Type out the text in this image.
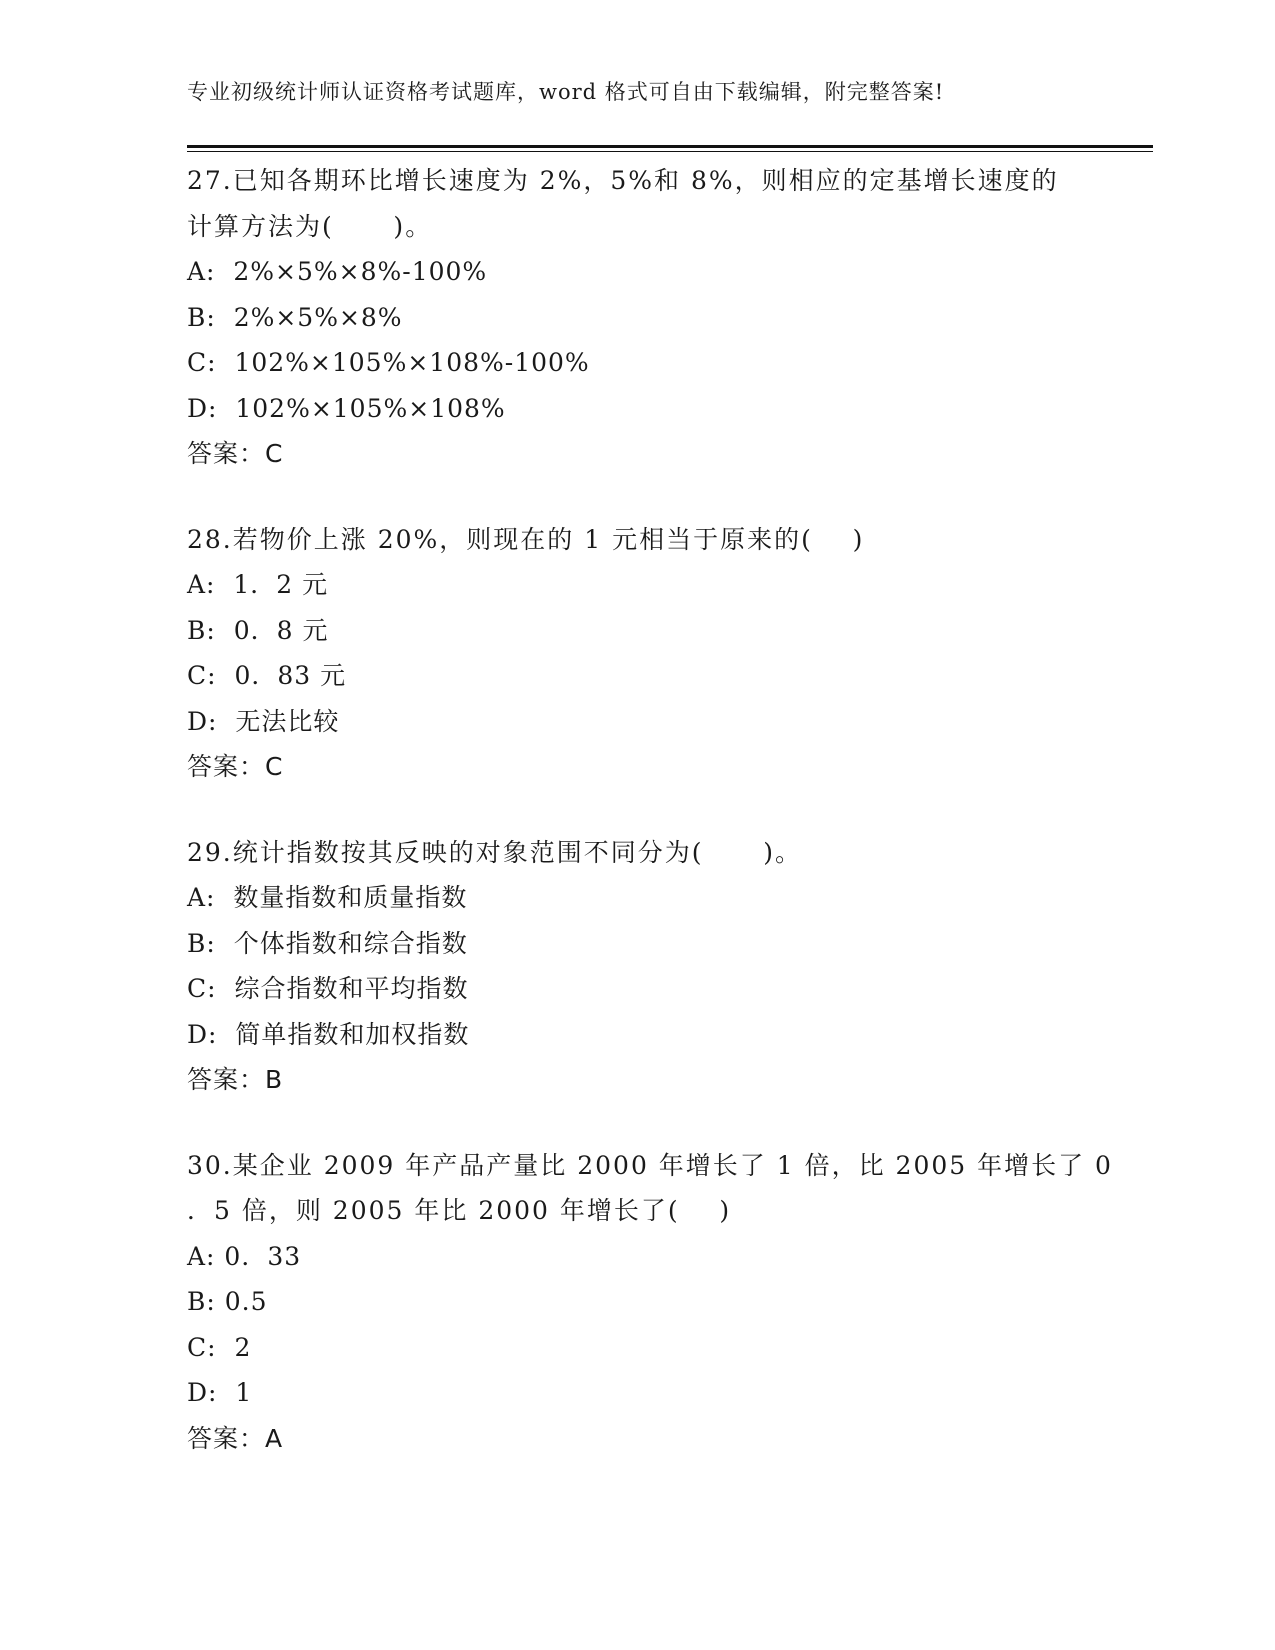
专业初级统计师认证资格考试题库，word 格式可自由下载编辑，附完整答案!
27.已知各期环比增长速度为 2%，5%和 8%，则相应的定基增长速度的
计算方法为(      )。
A:  2%×5%×8%-100%
B:  2%×5%×8%
C:  102%×105%×108%-100%
D:  102%×105%×108%
答案：C
28.若物价上涨 20%，则现在的 1 元相当于原来的(    )
A:  1．2 元
B:  0．8 元
C:  0．83 元
D:  无法比较
答案：C
29.统计指数按其反映的对象范围不同分为(      )。
A:  数量指数和质量指数
B:  个体指数和综合指数
C:  综合指数和平均指数
D:  简单指数和加权指数
答案：B
30.某企业 2009 年产品产量比 2000 年增长了 1 倍，比 2005 年增长了 0
．5 倍，则 2005 年比 2000 年增长了(    )
A: 0．33
B: 0.5
C:  2
D:  1
答案：A
